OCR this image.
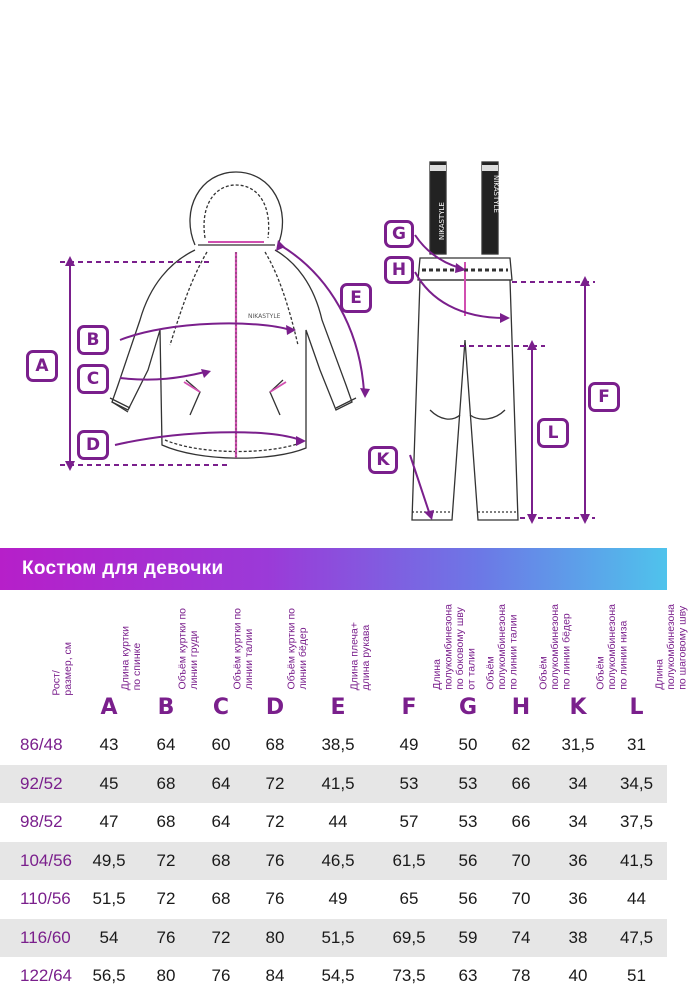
NIKASTYLE
NIKASTYLE
NIKASTYLE
A
B
C
D
E
F
G
H
K
L
Костюм для девочки
Рост/
размер, см
Длина куртки
по спинке
A
Объём куртки по
линии груди
B
Объём куртки по
линии талии
C
Объём куртки по
линии бёдер
D
Длина плеча+
длина рукава
E
Длина
полукомбинезона
по боковому шву
от талии
F
Объём
полукомбинезона
по линии талии
G
Объём
полукомбинезона
по линии бёдер
H
Объём
полукомбинезона
по линии низа
K
Длина
полукомбинезона
по шаговому шву
L
86/48	43	64	60	68	38,5	49	50	62	31,5	31
92/52	45	68	64	72	41,5	53	53	66	34	34,5
98/52	47	68	64	72	44	57	53	66	34	37,5
104/56	49,5	72	68	76	46,5	61,5	56	70	36	41,5
110/56	51,5	72	68	76	49	65	56	70	36	44
116/60	54	76	72	80	51,5	69,5	59	74	38	47,5
122/64	56,5	80	76	84	54,5	73,5	63	78	40	51
